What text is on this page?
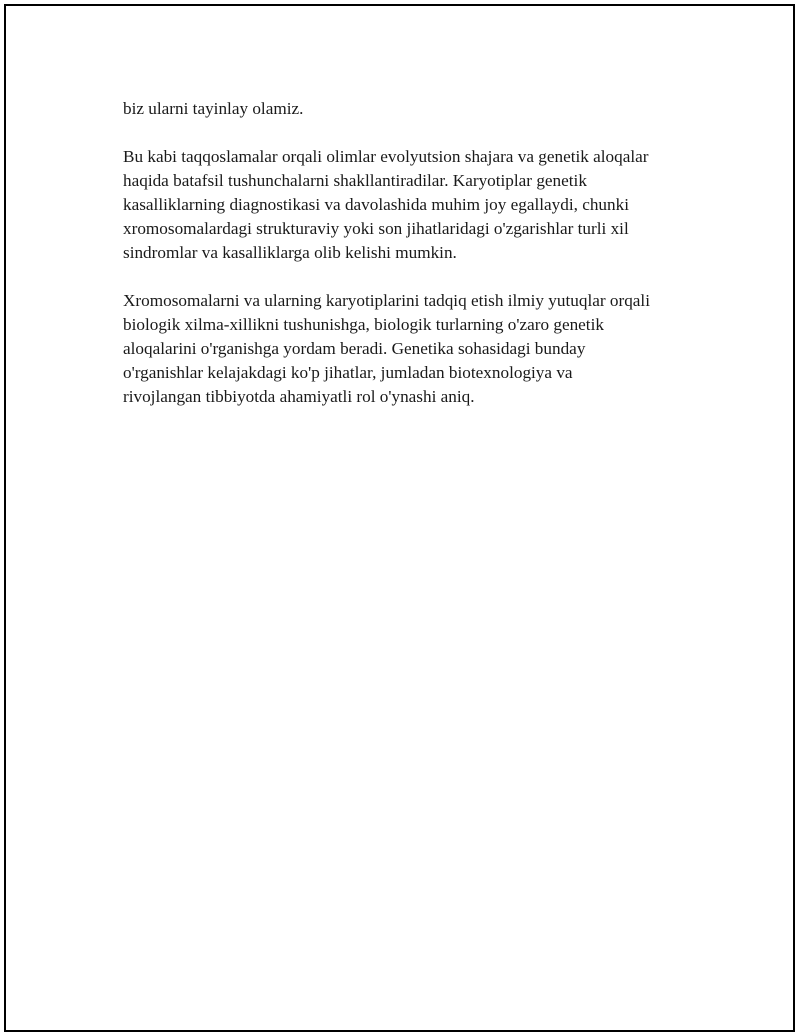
biz ularni tayinlay olamiz.

Bu kabi taqqoslamalar orqali olimlar evolyutsion shajara va genetik aloqalar
haqida batafsil tushunchalarni shakllantiradilar. Karyotiplar genetik
kasalliklarning diagnostikasi va davolashida muhim joy egallaydi, chunki
xromosomalardagi strukturaviy yoki son jihatlaridagi o'zgarishlar turli xil
sindromlar va kasalliklarga olib kelishi mumkin.

Xromosomalarni va ularning karyotiplarini tadqiq etish ilmiy yutuqlar orqali
biologik xilma-xillikni tushunishga, biologik turlarning o'zaro genetik
aloqalarini o'rganishga yordam beradi. Genetika sohasidagi bunday
o'rganishlar kelajakdagi ko'p jihatlar, jumladan biotexnologiya va
rivojlangan tibbiyotda ahamiyatli rol o'ynashi aniq.
